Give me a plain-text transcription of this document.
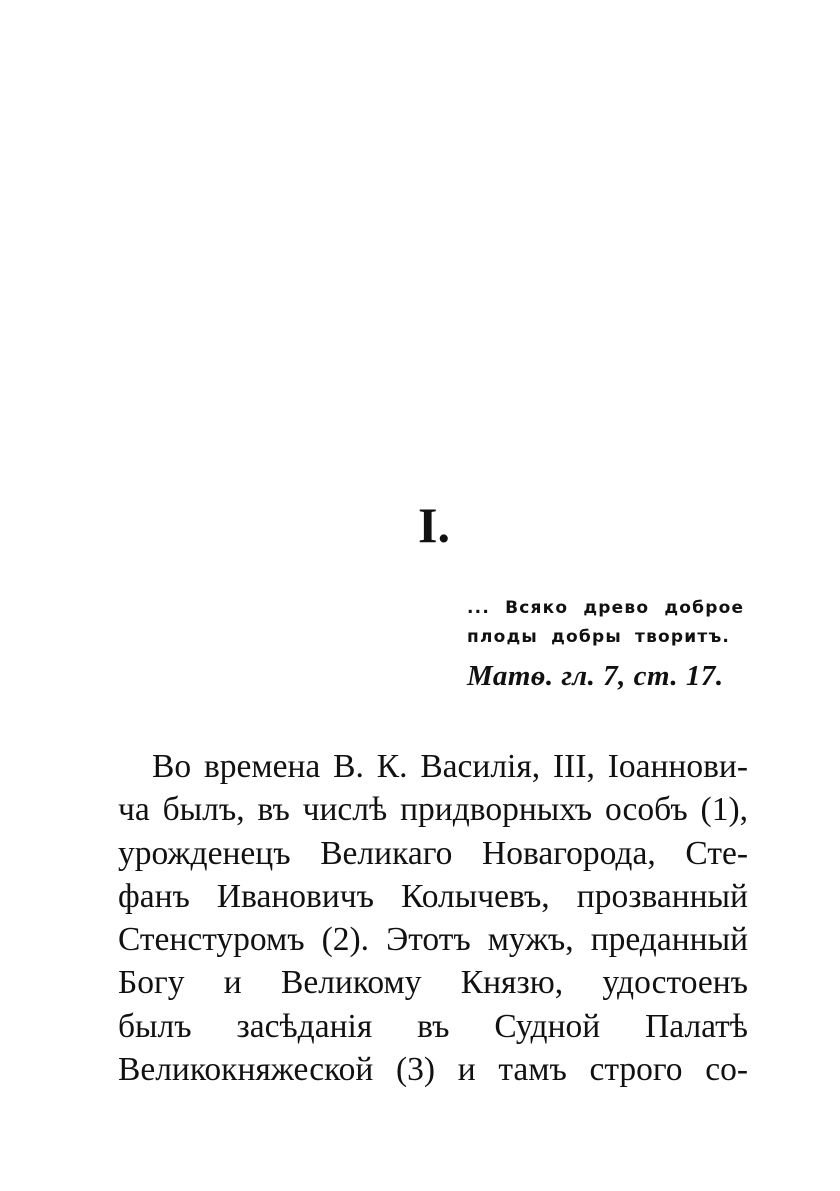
I.
... Всяко древо доброе
плоды добры творитъ.
Матѳ. гл. 7, ст. 17.
Во времена В. К. Василія, III, Іоаннови-
ча былъ, въ числѣ придворныхъ особъ (1),
урожденецъ Великаго Новагорода, Сте-
фанъ Ивановичъ Колычевъ, прозванный
Стенстуромъ (2). Этотъ мужъ, преданный
Богу и Великому Князю, удостоенъ
былъ засѣданія въ Судной Палатѣ
Великокняжеской (3) и тамъ строго со-
